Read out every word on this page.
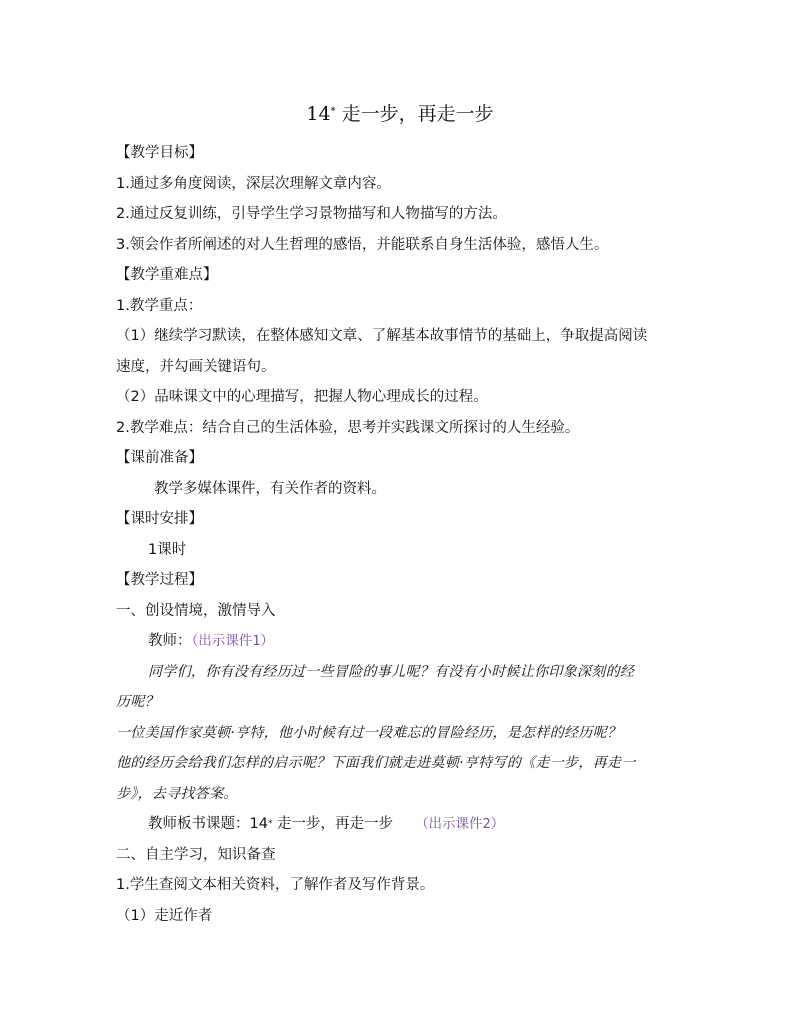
14* 走一步，再走一步
【教学目标】
1.通过多角度阅读，深层次理解文章内容。
2.通过反复训练，引导学生学习景物描写和人物描写的方法。
3.领会作者所阐述的对人生哲理的感悟，并能联系自身生活体验，感悟人生。
【教学重难点】
1.教学重点：
（1）继续学习默读，在整体感知文章、了解基本故事情节的基础上，争取提高阅读
速度，并勾画关键语句。
（2）品味课文中的心理描写，把握人物心理成长的过程。
2.教学难点：结合自己的生活体验，思考并实践课文所探讨的人生经验。
【课前准备】
教学多媒体课件，有关作者的资料。
【课时安排】
1课时
【教学过程】
一、创设情境，激情导入
教师：（出示课件1）
同学们，你有没有经历过一些冒险的事儿呢？有没有小时候让你印象深刻的经
历呢？
一位美国作家莫顿·亨特，他小时候有过一段难忘的冒险经历，是怎样的经历呢？
他的经历会给我们怎样的启示呢？下面我们就走进莫顿·亨特写的《走一步，再走一
步》，去寻找答案。
教师板书课题：14* 走一步，再走一步 （出示课件2）
二、自主学习，知识备查
1.学生查阅文本相关资料，了解作者及写作背景。
（1）走近作者
